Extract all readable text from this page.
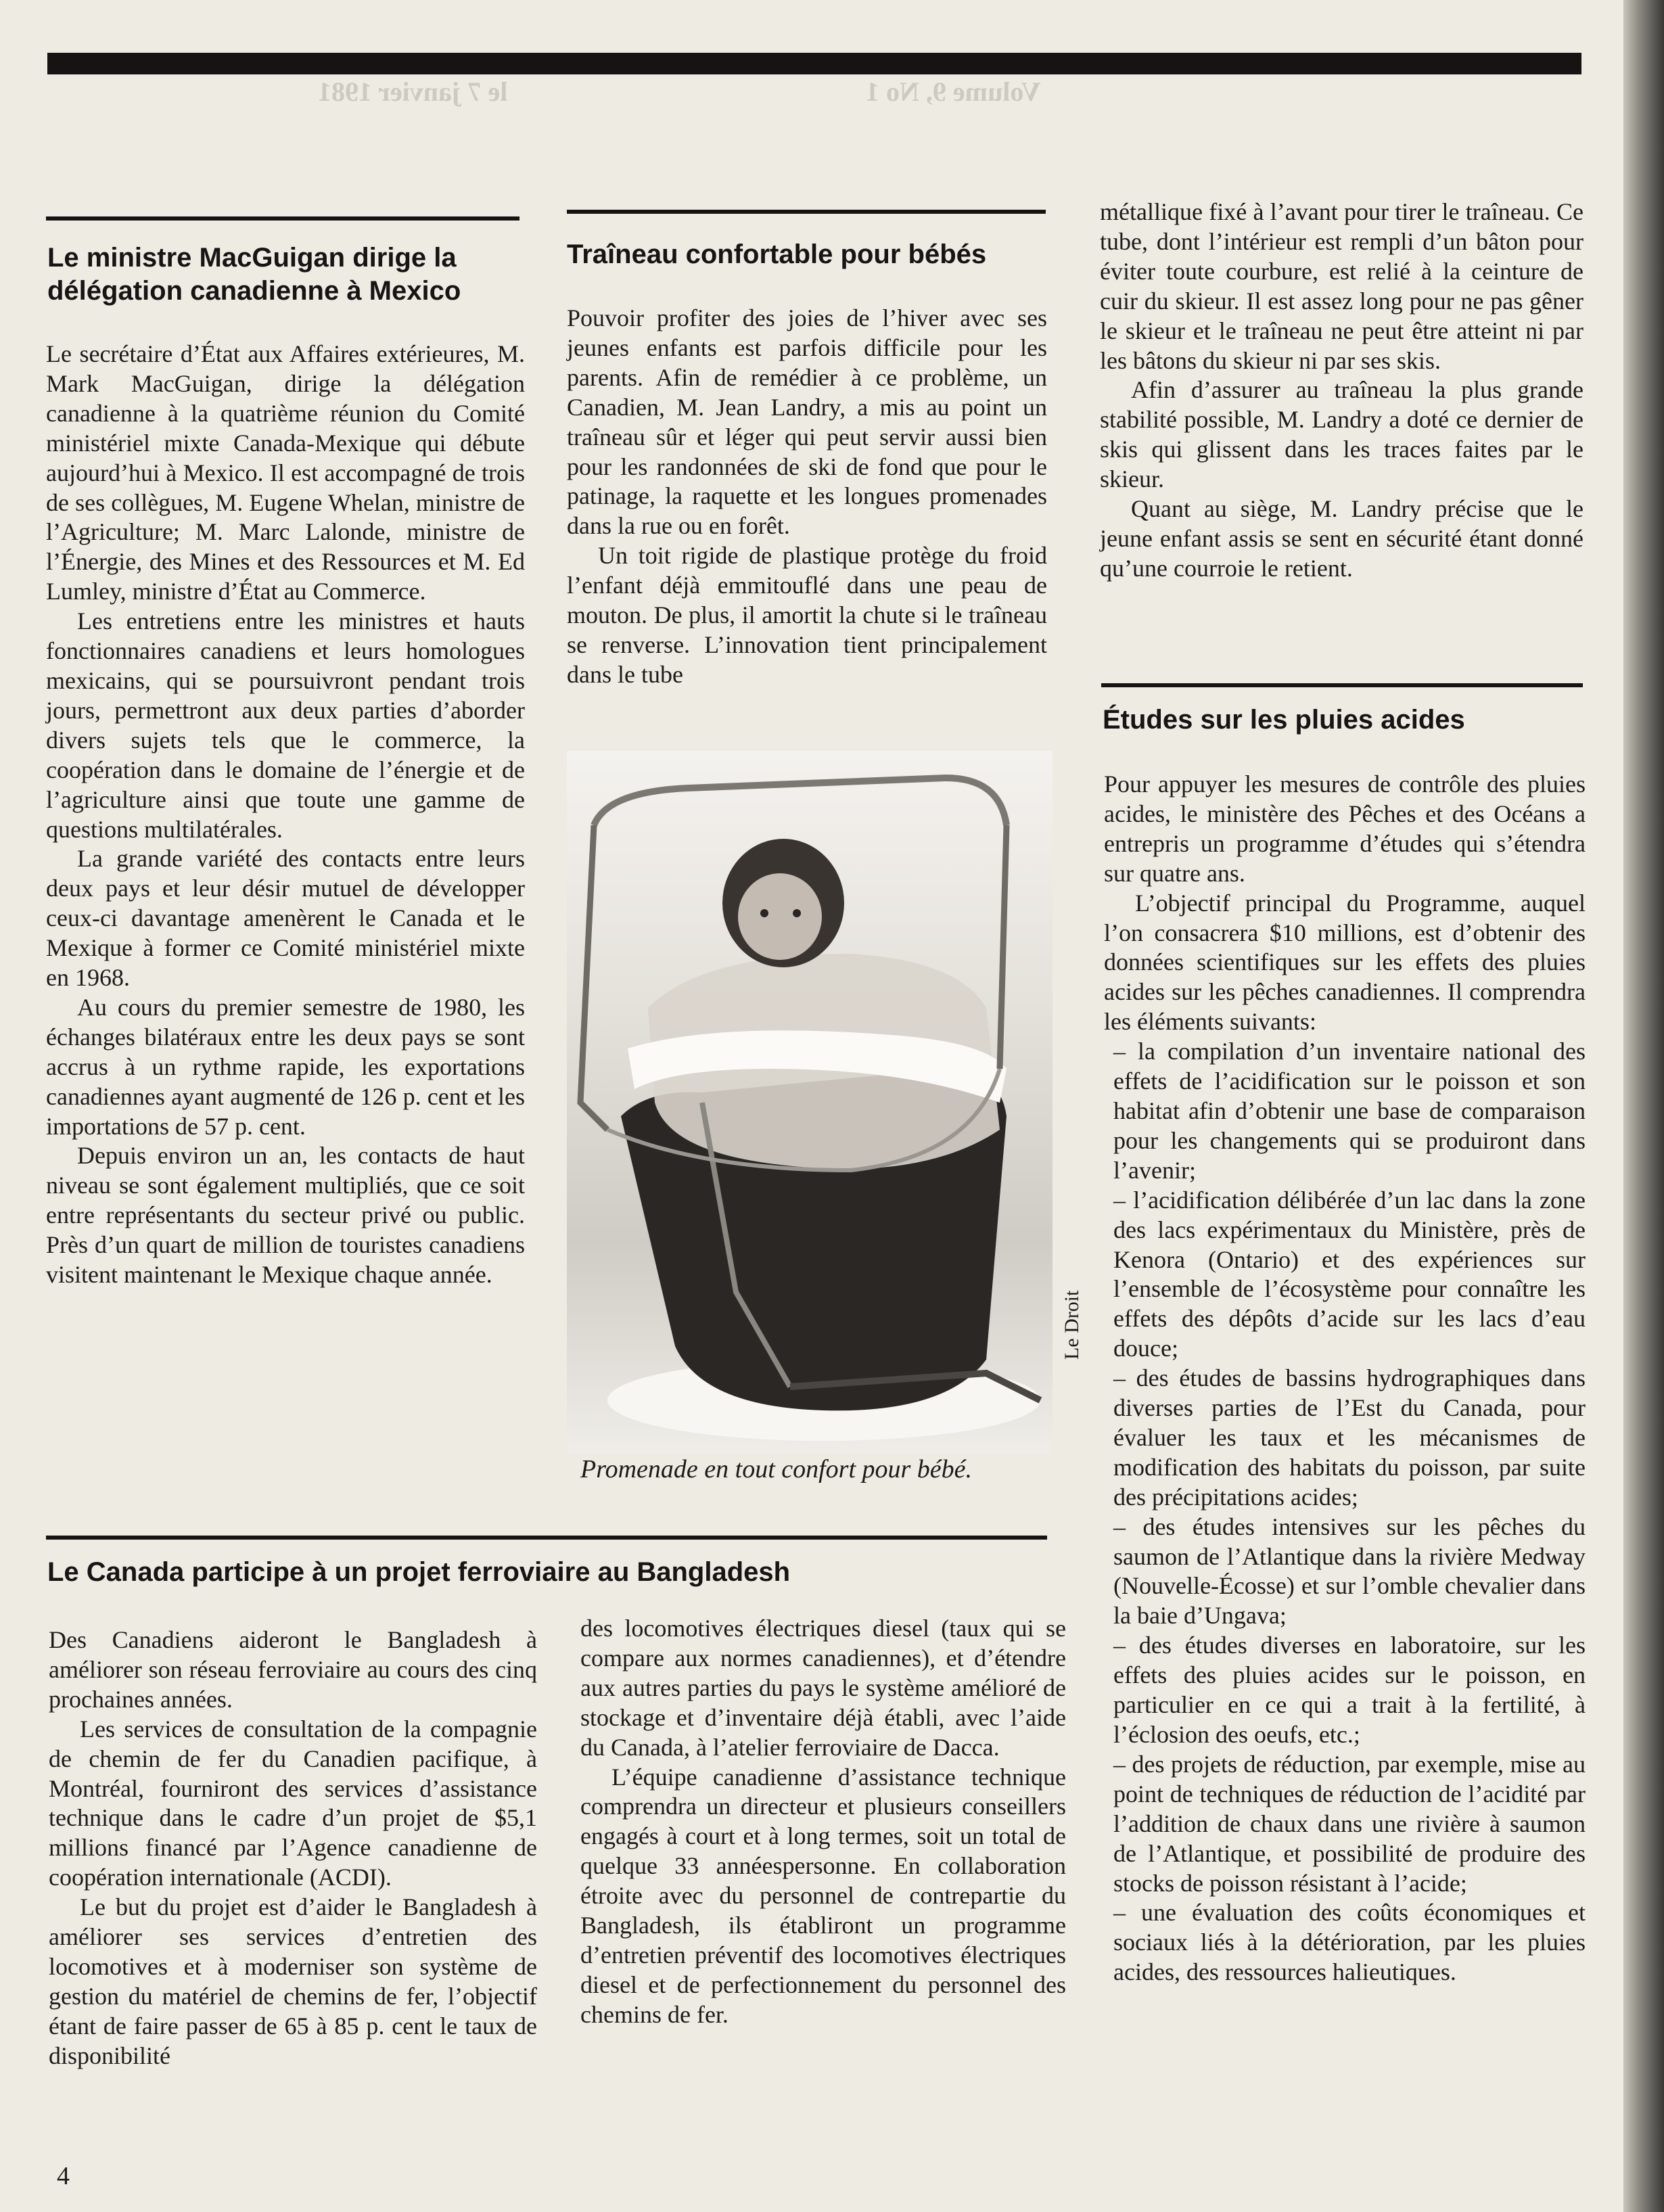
Volume 9, No 1
le 7 janvier 1981
Le ministre MacGuigan dirige la délégation canadienne à Mexico

Le secrétaire d’État aux Affaires extérieures, M. Mark MacGuigan, dirige la délégation canadienne à la quatrième réunion du Comité ministériel mixte Canada-Mexique qui débute aujourd’hui à Mexico. Il est accompagné de trois de ses collègues, M. Eugene Whelan, ministre de l’Agriculture; M. Marc Lalonde, ministre de l’Énergie, des Mines et des Ressources et M. Ed Lumley, ministre d’État au Commerce.

Les entretiens entre les ministres et hauts fonctionnaires canadiens et leurs homologues mexicains, qui se poursuivront pendant trois jours, permettront aux deux parties d’aborder divers sujets tels que le commerce, la coopération dans le domaine de l’énergie et de l’agriculture ainsi que toute une gamme de questions multilatérales.

La grande variété des contacts entre leurs deux pays et leur désir mutuel de développer ceux-ci davantage amenèrent le Canada et le Mexique à former ce Comité ministériel mixte en 1968.

Au cours du premier semestre de 1980, les échanges bilatéraux entre les deux pays se sont accrus à un rythme rapide, les exportations canadiennes ayant augmenté de 126 p. cent et les importations de 57 p. cent.

Depuis environ un an, les contacts de haut niveau se sont également multipliés, que ce soit entre représentants du secteur privé ou public. Près d’un quart de million de touristes canadiens visitent maintenant le Mexique chaque année.

Traîneau confortable pour bébés

Pouvoir profiter des joies de l’hiver avec ses jeunes enfants est parfois difficile pour les parents. Afin de remédier à ce problème, un Canadien, M. Jean Landry, a mis au point un traîneau sûr et léger qui peut servir aussi bien pour les randonnées de ski de fond que pour le patinage, la raquette et les longues promenades dans la rue ou en forêt.

Un toit rigide de plastique protège du froid l’enfant déjà emmitouflé dans une peau de mouton. De plus, il amortit la chute si le traîneau se renverse. L’innovation tient principalement dans le tube

Le Droit
Promenade en tout confort pour bébé.

métallique fixé à l’avant pour tirer le traîneau. Ce tube, dont l’intérieur est rempli d’un bâton pour éviter toute courbure, est relié à la ceinture de cuir du skieur. Il est assez long pour ne pas gêner le skieur et le traîneau ne peut être atteint ni par les bâtons du skieur ni par ses skis.

Afin d’assurer au traîneau la plus grande stabilité possible, M. Landry a doté ce dernier de skis qui glissent dans les traces faites par le skieur.

Quant au siège, M. Landry précise que le jeune enfant assis se sent en sécurité étant donné qu’une courroie le retient.

Études sur les pluies acides

Pour appuyer les mesures de contrôle des pluies acides, le ministère des Pêches et des Océans a entrepris un programme d’études qui s’étendra sur quatre ans.

L’objectif principal du Programme, auquel l’on consacrera $10 millions, est d’obtenir des données scientifiques sur les effets des pluies acides sur les pêches canadiennes. Il comprendra les éléments suivants:

– la compilation d’un inventaire national des effets de l’acidification sur le poisson et son habitat afin d’obtenir une base de comparaison pour les changements qui se produiront dans l’avenir;

– l’acidification délibérée d’un lac dans la zone des lacs expérimentaux du Ministère, près de Kenora (Ontario) et des expériences sur l’ensemble de l’écosystème pour connaître les effets des dépôts d’acide sur les lacs d’eau douce;

– des études de bassins hydrographiques dans diverses parties de l’Est du Canada, pour évaluer les taux et les mécanismes de modification des habitats du poisson, par suite des précipitations acides;

– des études intensives sur les pêches du saumon de l’Atlantique dans la rivière Medway (Nouvelle-Écosse) et sur l’omble chevalier dans la baie d’Ungava;

– des études diverses en laboratoire, sur les effets des pluies acides sur le poisson, en particulier en ce qui a trait à la fertilité, à l’éclosion des oeufs, etc.;

– des projets de réduction, par exemple, mise au point de techniques de réduction de l’acidité par l’addition de chaux dans une rivière à saumon de l’Atlantique, et possibilité de produire des stocks de poisson résistant à l’acide;

– une évaluation des coûts économiques et sociaux liés à la détérioration, par les pluies acides, des ressources halieutiques.

Le Canada participe à un projet ferroviaire au Bangladesh

Des Canadiens aideront le Bangladesh à améliorer son réseau ferroviaire au cours des cinq prochaines années.

Les services de consultation de la compagnie de chemin de fer du Canadien pacifique, à Montréal, fourniront des services d’assistance technique dans le cadre d’un projet de $5,1 millions financé par l’Agence canadienne de coopération internationale (ACDI).

Le but du projet est d’aider le Bangladesh à améliorer ses services d’entretien des locomotives et à moderniser son système de gestion du matériel de chemins de fer, l’objectif étant de faire passer de 65 à 85 p. cent le taux de disponibilité

des locomotives électriques diesel (taux qui se compare aux normes canadiennes), et d’étendre aux autres parties du pays le système amélioré de stockage et d’inventaire déjà établi, avec l’aide du Canada, à l’atelier ferroviaire de Dacca.

L’équipe canadienne d’assistance technique comprendra un directeur et plusieurs conseillers engagés à court et à long termes, soit un total de quelque 33 annéespersonne. En collaboration étroite avec du personnel de contrepartie du Bangladesh, ils établiront un programme d’entretien préventif des locomotives électriques diesel et de perfectionnement du personnel des chemins de fer.

4
